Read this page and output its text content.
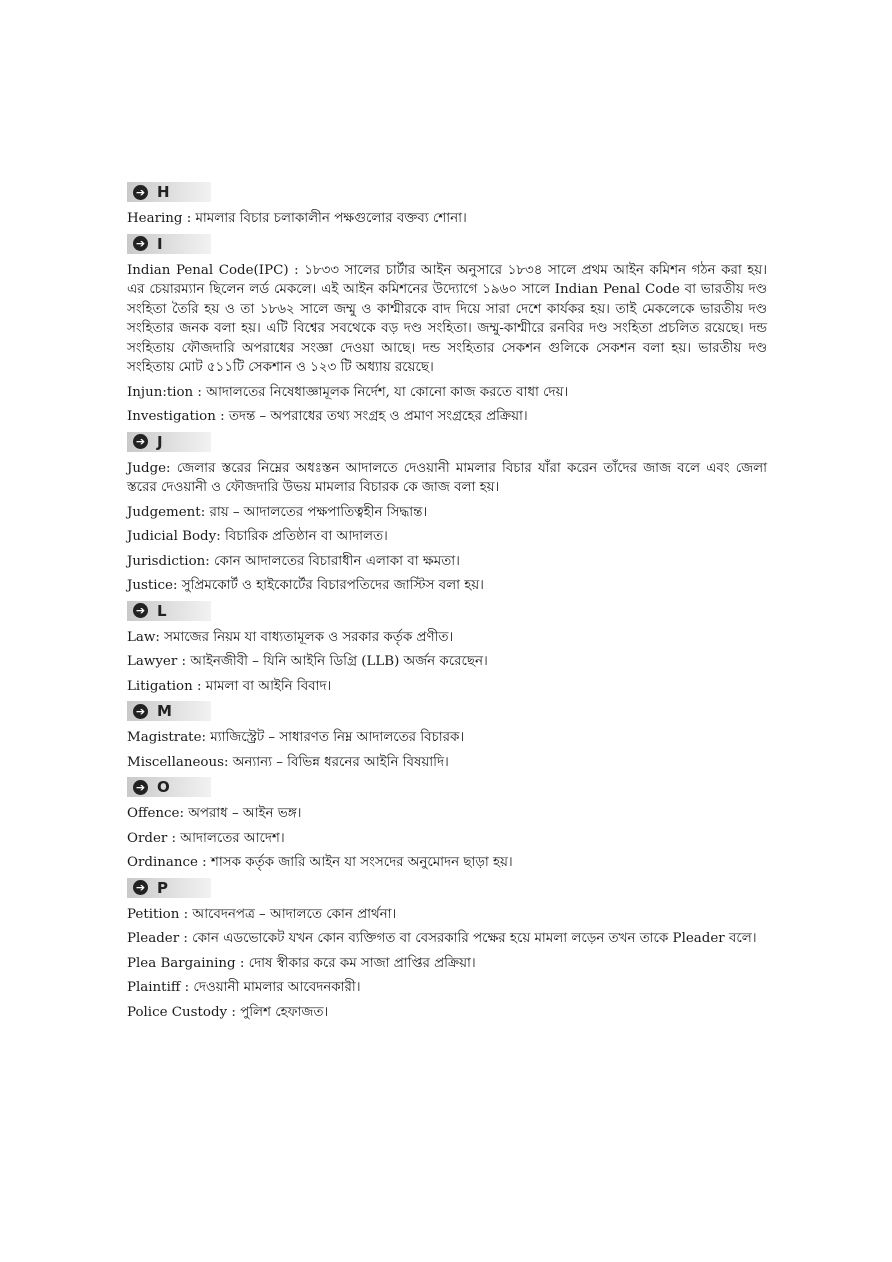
➔ H

Hearing : মামলার বিচার চলাকালীন পক্ষগুলোর বক্তব্য শোনা।

➔ I

Indian Penal Code(IPC) : ১৮৩৩ সালের চার্টার আইন অনুসারে ১৮৩৪ সালে প্রথম আইন কমিশন গঠন করা হয়। এর চেয়ারম্যান ছিলেন লর্ড মেকলে। এই আইন কমিশনের উদ্যোগে ১৯৬০ সালে Indian Penal Code বা ভারতীয় দণ্ড সংহিতা তৈরি হয় ও তা ১৮৬২ সালে জম্মু ও কাশ্মীরকে বাদ দিয়ে সারা দেশে কার্যকর হয়। তাই মেকলেকে ভারতীয় দণ্ড সংহিতার জনক বলা হয়। এটি বিশ্বের সবথেকে বড় দণ্ড সংহিতা। জম্মু-কাশ্মীরে রনবির দণ্ড সংহিতা প্রচলিত রয়েছে। দন্ড সংহিতায় ফৌজদারি অপরাধের সংজ্ঞা দেওয়া আছে। দন্ড সংহিতার সেকশন গুলিকে সেকশন বলা হয়। ভারতীয় দণ্ড সংহিতায় মোট ৫১১টি সেকশান ও ১২৩ টি অধ্যায় রয়েছে।

Injun:tion : আদালতের নিষেধাজ্ঞামূলক নির্দেশ, যা কোনো কাজ করতে বাধা দেয়।

Investigation : তদন্ত – অপরাধের তথ্য সংগ্রহ ও প্রমাণ সংগ্রহের প্রক্রিয়া।

➔ J

Judge: জেলার স্তরের নিম্নের অধঃস্তন আদালতে দেওয়ানী মামলার বিচার যাঁরা করেন তাঁদের জাজ বলে এবং জেলা স্তরের দেওয়ানী ও ফৌজদারি উভয় মামলার বিচারক কে জাজ বলা হয়।

Judgement: রায় – আদালতের পক্ষপাতিত্বহীন সিদ্ধান্ত।

Judicial Body: বিচারিক প্রতিষ্ঠান বা আদালত।

Jurisdiction: কোন আদালতের বিচারাধীন এলাকা বা ক্ষমতা।

Justice: সুপ্রিমকোর্ট ও হাইকোর্টের বিচারপতিদের জাস্টিস বলা হয়।

➔ L

Law: সমাজের নিয়ম যা বাধ্যতামূলক ও সরকার কর্তৃক প্রণীত।

Lawyer : আইনজীবী – যিনি আইনি ডিগ্রি (LLB) অর্জন করেছেন।

Litigation : মামলা বা আইনি বিবাদ।

➔ M

Magistrate: ম্যাজিস্ট্রেট – সাধারণত নিম্ন আদালতের বিচারক।

Miscellaneous: অন্যান্য – বিভিন্ন ধরনের আইনি বিষয়াদি।

➔ O

Offence: অপরাধ – আইন ভঙ্গ।

Order : আদালতের আদেশ।

Ordinance : শাসক কর্তৃক জারি আইন যা সংসদের অনুমোদন ছাড়া হয়।

➔ P

Petition : আবেদনপত্র – আদালতে কোন প্রার্থনা।

Pleader : কোন এডভোকেট যখন কোন ব্যক্তিগত বা বেসরকারি পক্ষের হয়ে মামলা লড়েন তখন তাকে Pleader বলে।

Plea Bargaining : দোষ স্বীকার করে কম সাজা প্রাপ্তির প্রক্রিয়া।

Plaintiff : দেওয়ানী মামলার আবেদনকারী।

Police Custody : পুলিশ হেফাজত।
